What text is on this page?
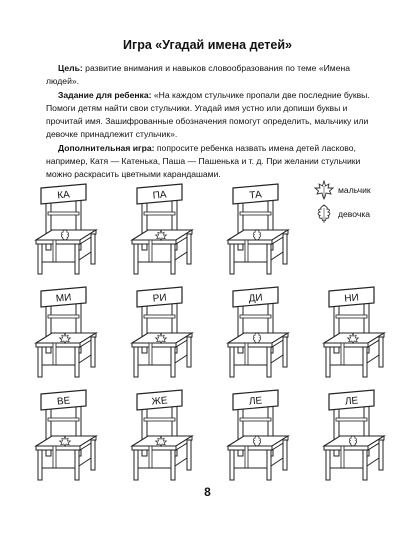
Игра «Угадай имена детей»

Цель: развитие внимания и навыков словообразования по теме «Имена людей».

Задание для ребенка: «На каждом стульчике пропали две последние буквы. Помоги детям найти свои стульчики. Угадай имя устно или допиши буквы и прочитай имя. Зашифрованные обозначения помогут определить, мальчику или девочке принадлежит стульчик».

Дополнительная игра: попросите ребенка назвать имена детей ласково, например, Катя — Катенька, Паша — Пашенька и т. д. При желании стульчики можно раскрасить цветными карандашами.

мальчик
девочка
КА	ПА	ТА
МИ	РИ	ДИ	НИ
ВЕ	ЖЕ	ЛЕ	ЛЕ
8
